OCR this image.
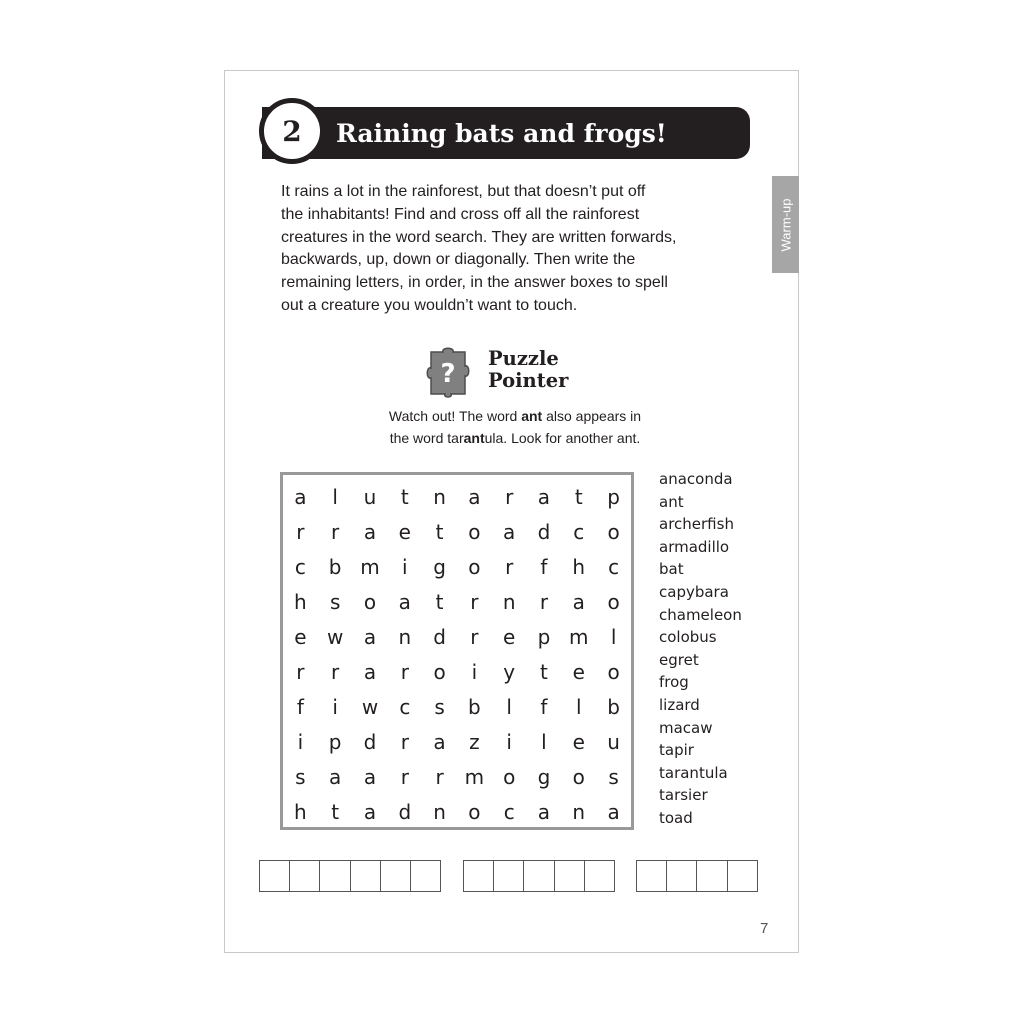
2 Raining bats and frogs!
Warm-up

It rains a lot in the rainforest, but that doesn’t put off
the inhabitants! Find and cross off all the rainforest
creatures in the word search. They are written forwards,
backwards, up, down or diagonally. Then write the
remaining letters, in order, in the answer boxes to spell
out a creature you wouldn’t want to touch.

?
Puzzle
Pointer
Watch out! The word ant also appears in
the word tarantula. Look for another ant.
a	l	u	t	n	a	r	a	t	p
r	r	a	e	t	o	a	d	c	o
c	b	m	i	g	o	r	f	h	c
h	s	o	a	t	r	n	r	a	o
e	w	a	n	d	r	e	p	m	l
r	r	a	r	o	i	y	t	e	o
f	i	w	c	s	b	l	f	l	b
i	p	d	r	a	z	i	l	e	u
s	a	a	r	r	m	o	g	o	s
h	t	a	d	n	o	c	a	n	a
anaconda
ant
archerfish
armadillo
bat
capybara
chameleon
colobus
egret
frog
lizard
macaw
tapir
tarantula
tarsier
toad
7
